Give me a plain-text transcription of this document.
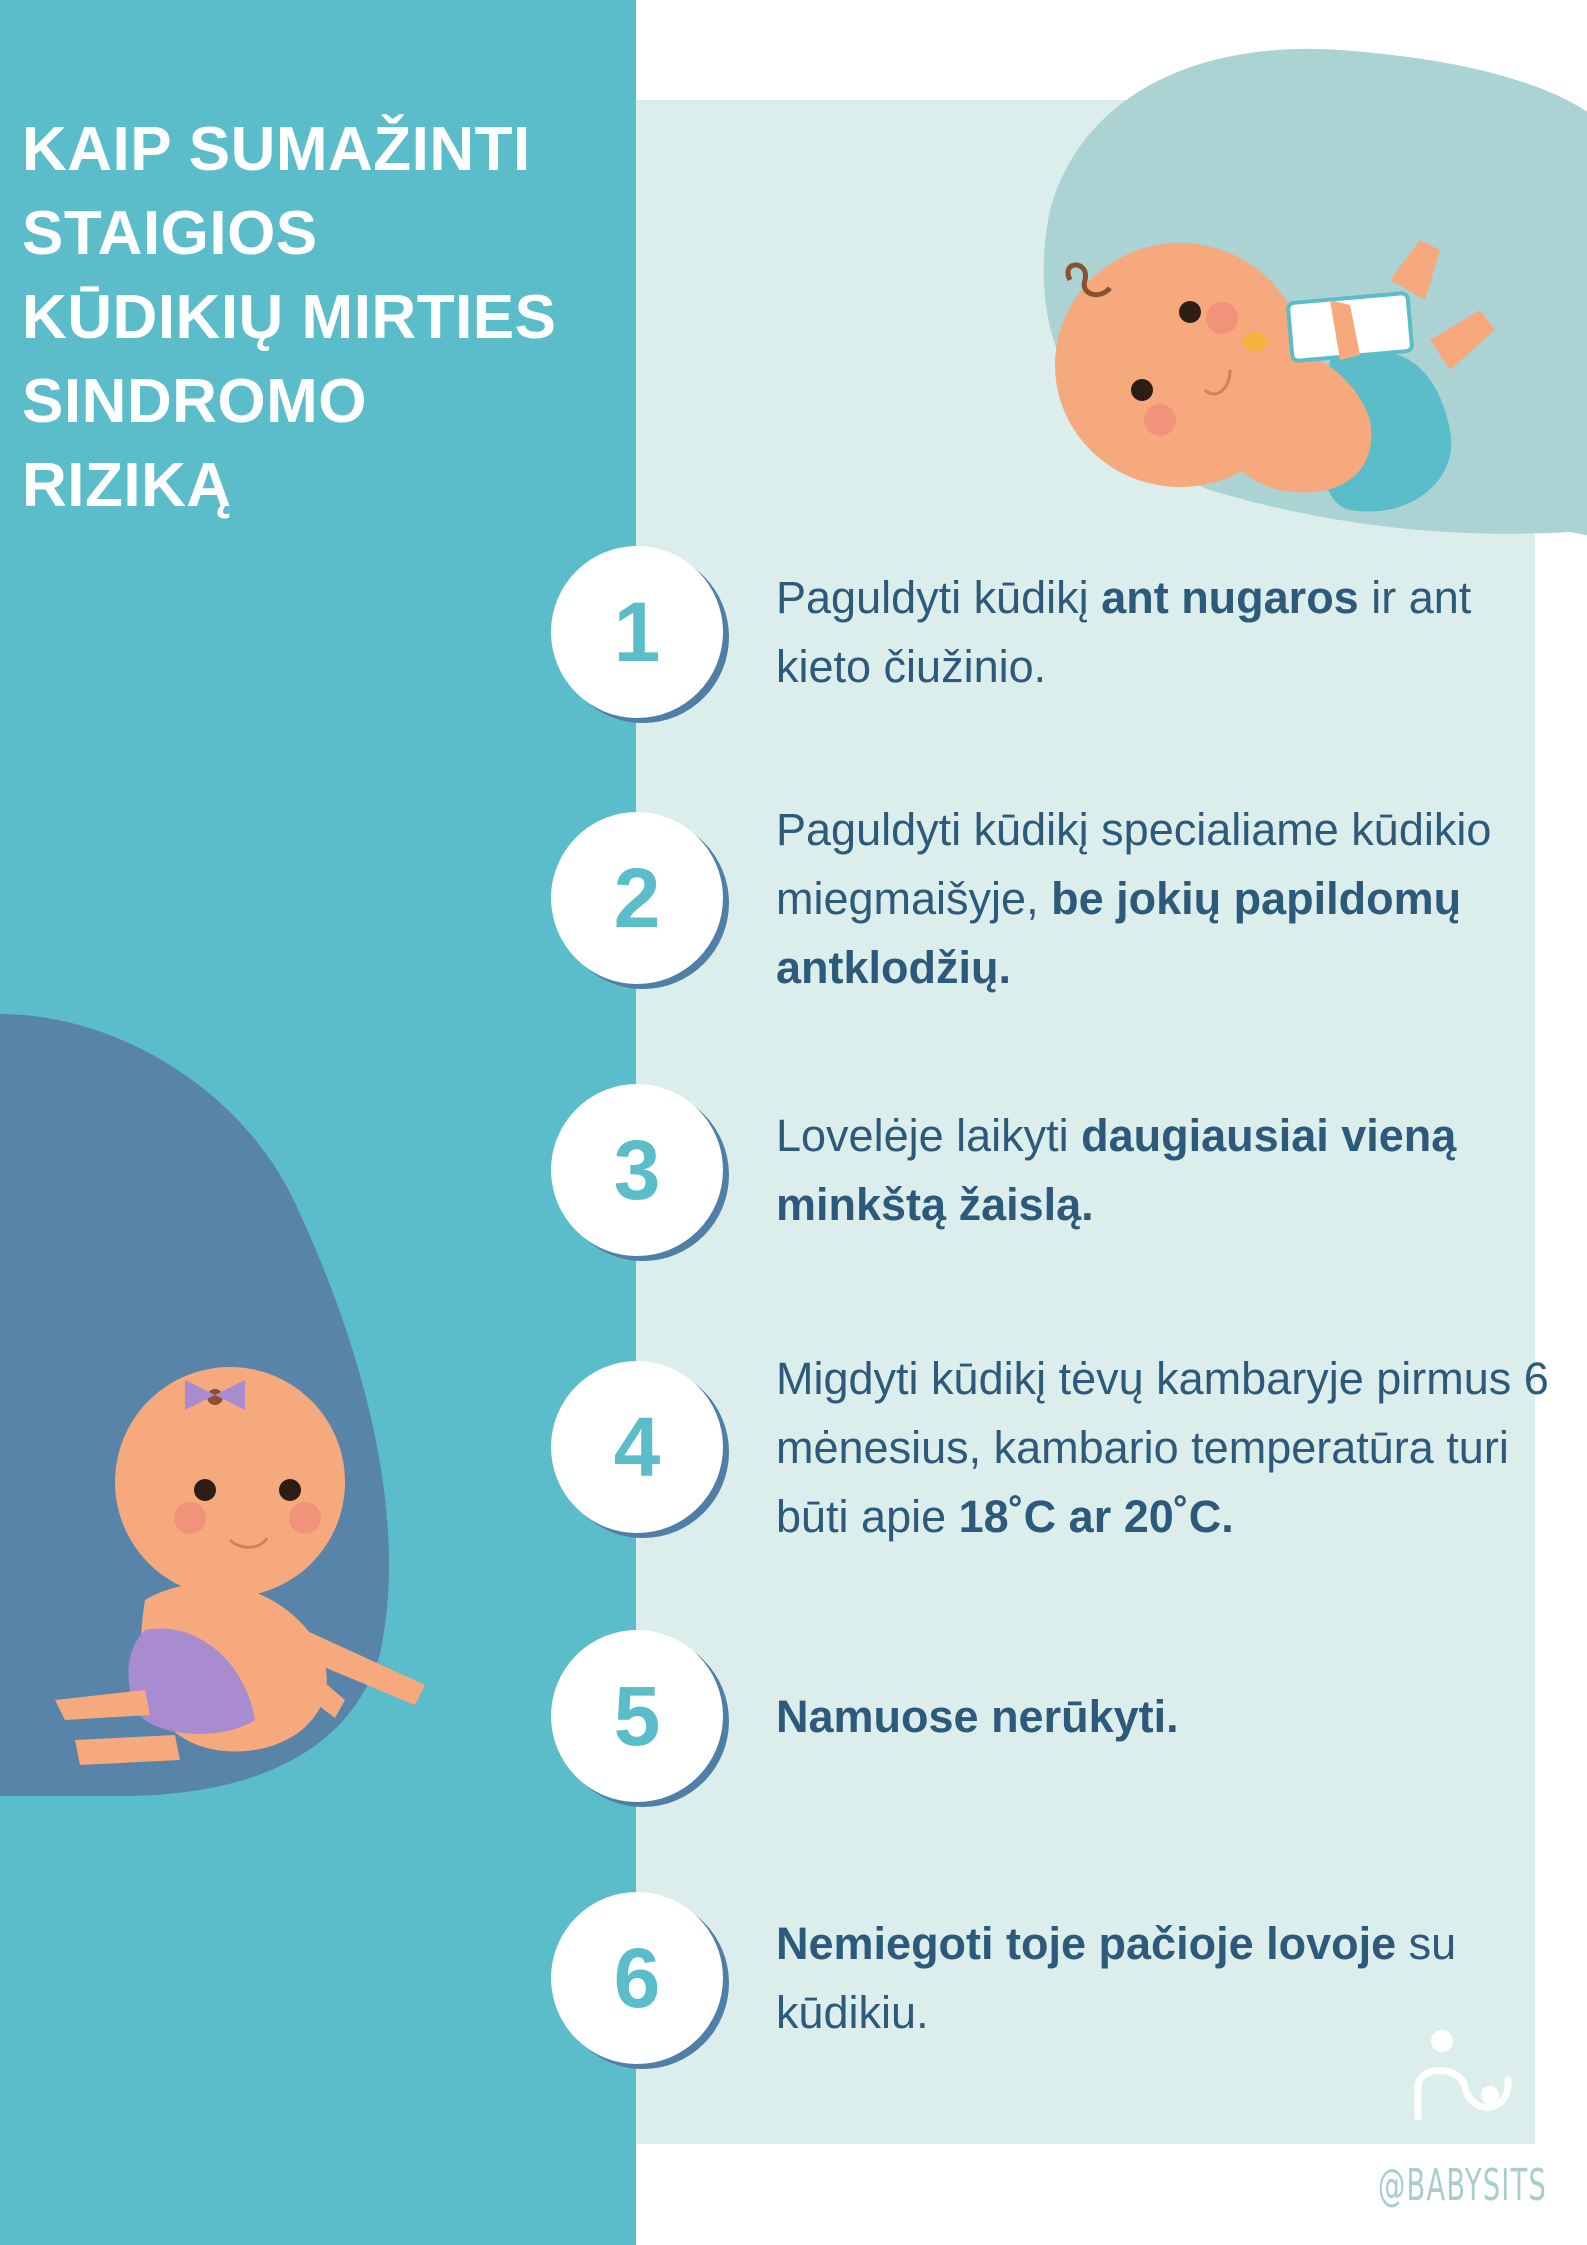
KAIP SUMAŽINTI
STAIGIOS
KŪDIKIŲ MIRTIES
SINDROMO
RIZIKĄ
1	Paguldyti kūdikį ant nugaros ir ant kieto čiužinio.
2
Paguldyti kūdikį specialiame kūdikio miegmaišyje, be jokių papildomų antklodžių.
3	Lovelėje laikyti daugiausiai vieną minkštą žaislą.
4
Migdyti kūdikį tėvų kambaryje pirmus 6 mėnesius, kambario temperatūra turi būti apie 18˚C ar 20˚C.
5	Namuose nerūkyti.
6	Nemiegoti toje pačioje lovoje su kūdikiu.
@BABYSITS
